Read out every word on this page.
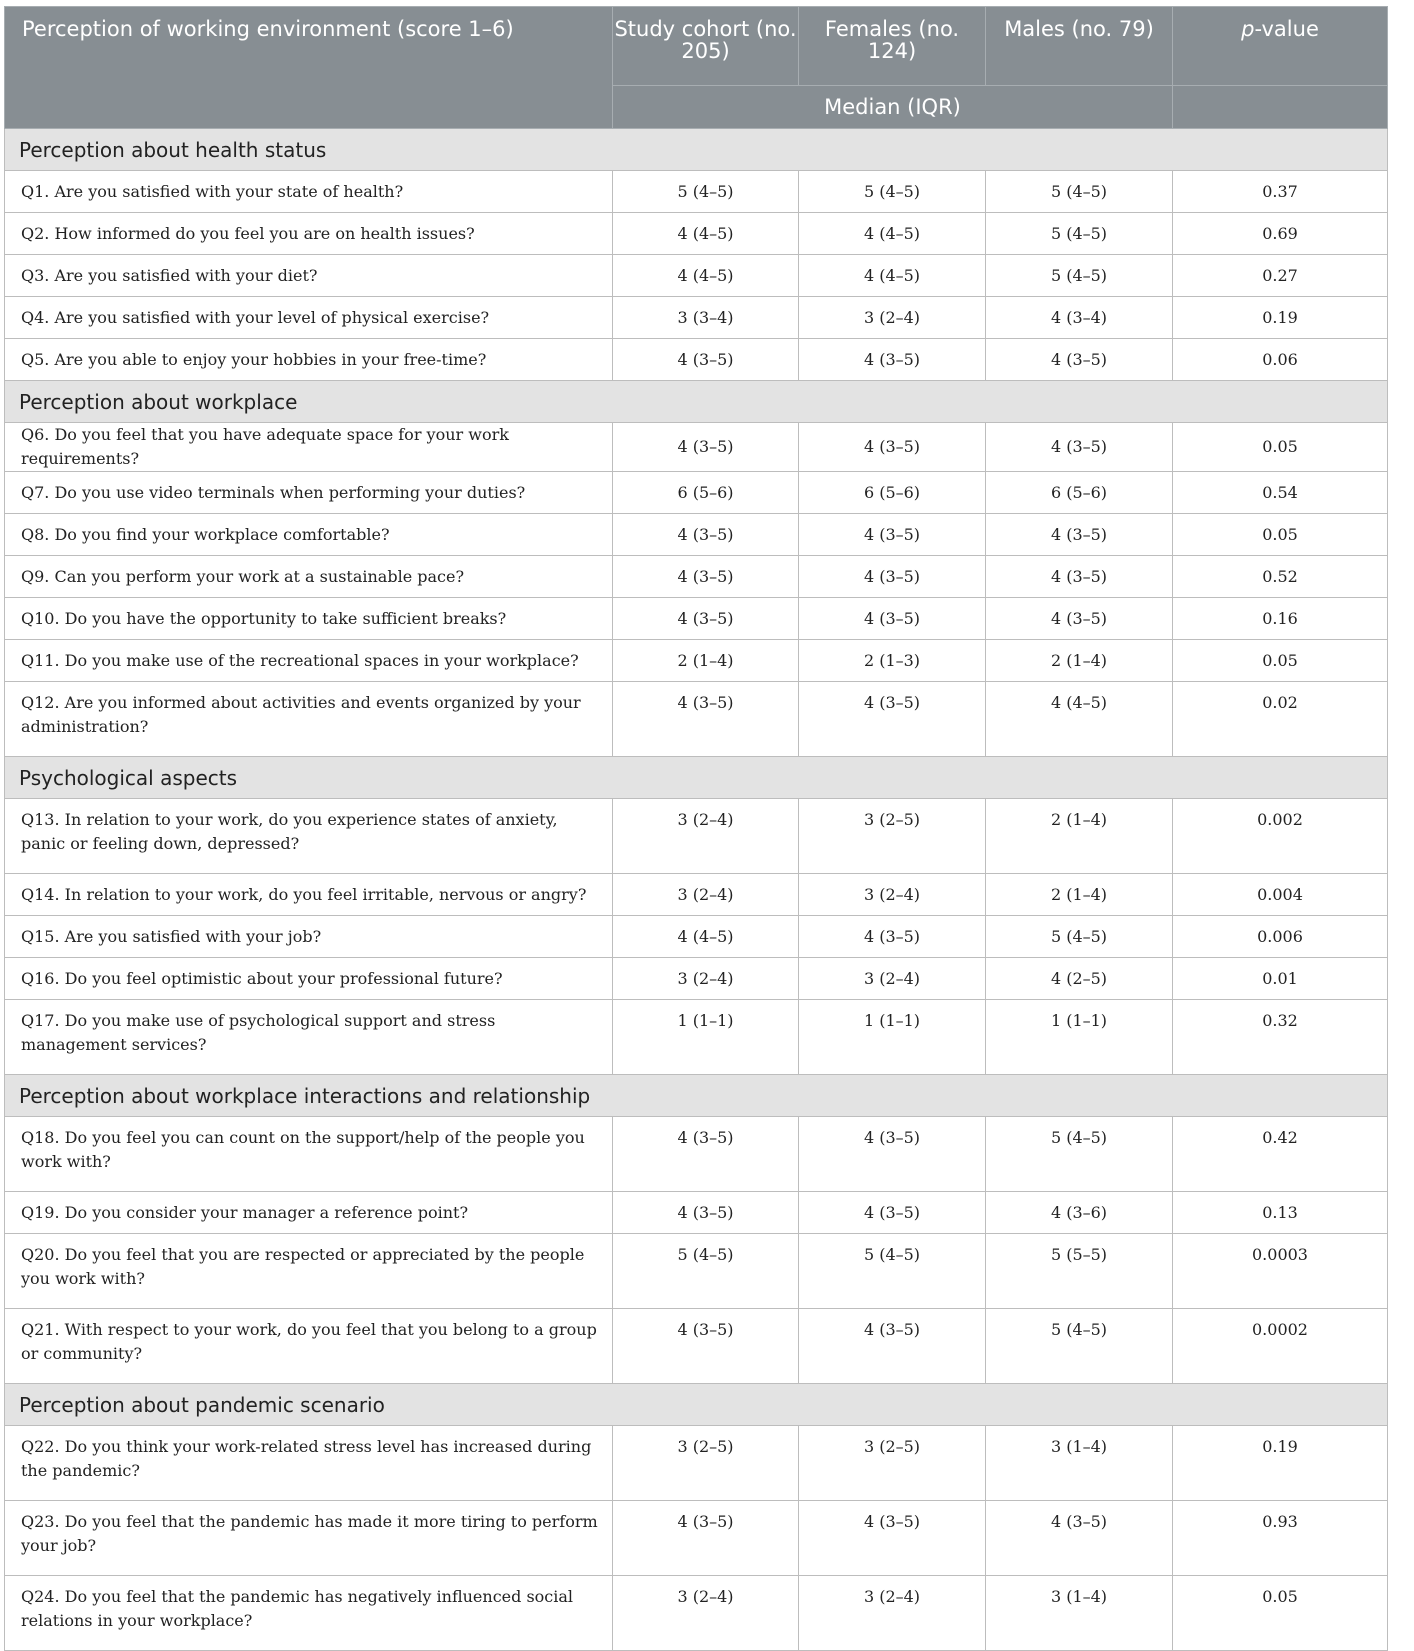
Perception of working environment (score 1–6)	Study cohort (no. 205)	Females (no. 124)	Males (no. 79)	p-value
	Median (IQR)			
Perception about health status				
Q1. Are you satisfied with your state of health?	5 (4–5)	5 (4–5)	5 (4–5)	0.37
Q2. How informed do you feel you are on health issues?	4 (4–5)	4 (4–5)	5 (4–5)	0.69
Q3. Are you satisfied with your diet?	4 (4–5)	4 (4–5)	5 (4–5)	0.27
Q4. Are you satisfied with your level of physical exercise?	3 (3–4)	3 (2–4)	4 (3–4)	0.19
Q5. Are you able to enjoy your hobbies in your free-time?	4 (3–5)	4 (3–5)	4 (3–5)	0.06
Perception about workplace				
Q6. Do you feel that you have adequate space for your work requirements?	4 (3–5)	4 (3–5)	4 (3–5)	0.05
Q7. Do you use video terminals when performing your duties?	6 (5–6)	6 (5–6)	6 (5–6)	0.54
Q8. Do you find your workplace comfortable?	4 (3–5)	4 (3–5)	4 (3–5)	0.05
Q9. Can you perform your work at a sustainable pace?	4 (3–5)	4 (3–5)	4 (3–5)	0.52
Q10. Do you have the opportunity to take sufficient breaks?	4 (3–5)	4 (3–5)	4 (3–5)	0.16
Q11. Do you make use of the recreational spaces in your workplace?	2 (1–4)	2 (1–3)	2 (1–4)	0.05
Q12. Are you informed about activities and events organized by your administration?	4 (3–5)	4 (3–5)	4 (4–5)	0.02
Psychological aspects				
Q13. In relation to your work, do you experience states of anxiety, panic or feeling down, depressed?	3 (2–4)	3 (2–5)	2 (1–4)	0.002
Q14. In relation to your work, do you feel irritable, nervous or angry?	3 (2–4)	3 (2–4)	2 (1–4)	0.004
Q15. Are you satisfied with your job?	4 (4–5)	4 (3–5)	5 (4–5)	0.006
Q16. Do you feel optimistic about your professional future?	3 (2–4)	3 (2–4)	4 (2–5)	0.01
Q17. Do you make use of psychological support and stress management services?	1 (1–1)	1 (1–1)	1 (1–1)	0.32
Perception about workplace interactions and relationship				
Q18. Do you feel you can count on the support/help of the people you work with?	4 (3–5)	4 (3–5)	5 (4–5)	0.42
Q19. Do you consider your manager a reference point?	4 (3–5)	4 (3–5)	4 (3–6)	0.13
Q20. Do you feel that you are respected or appreciated by the people you work with?	5 (4–5)	5 (4–5)	5 (5–5)	0.0003
Q21. With respect to your work, do you feel that you belong to a group or community?	4 (3–5)	4 (3–5)	5 (4–5)	0.0002
Perception about pandemic scenario				
Q22. Do you think your work-related stress level has increased during the pandemic?	3 (2–5)	3 (2–5)	3 (1–4)	0.19
Q23. Do you feel that the pandemic has made it more tiring to perform your job?	4 (3–5)	4 (3–5)	4 (3–5)	0.93
Q24. Do you feel that the pandemic has negatively influenced social relations in your workplace?	3 (2–4)	3 (2–4)	3 (1–4)	0.05
